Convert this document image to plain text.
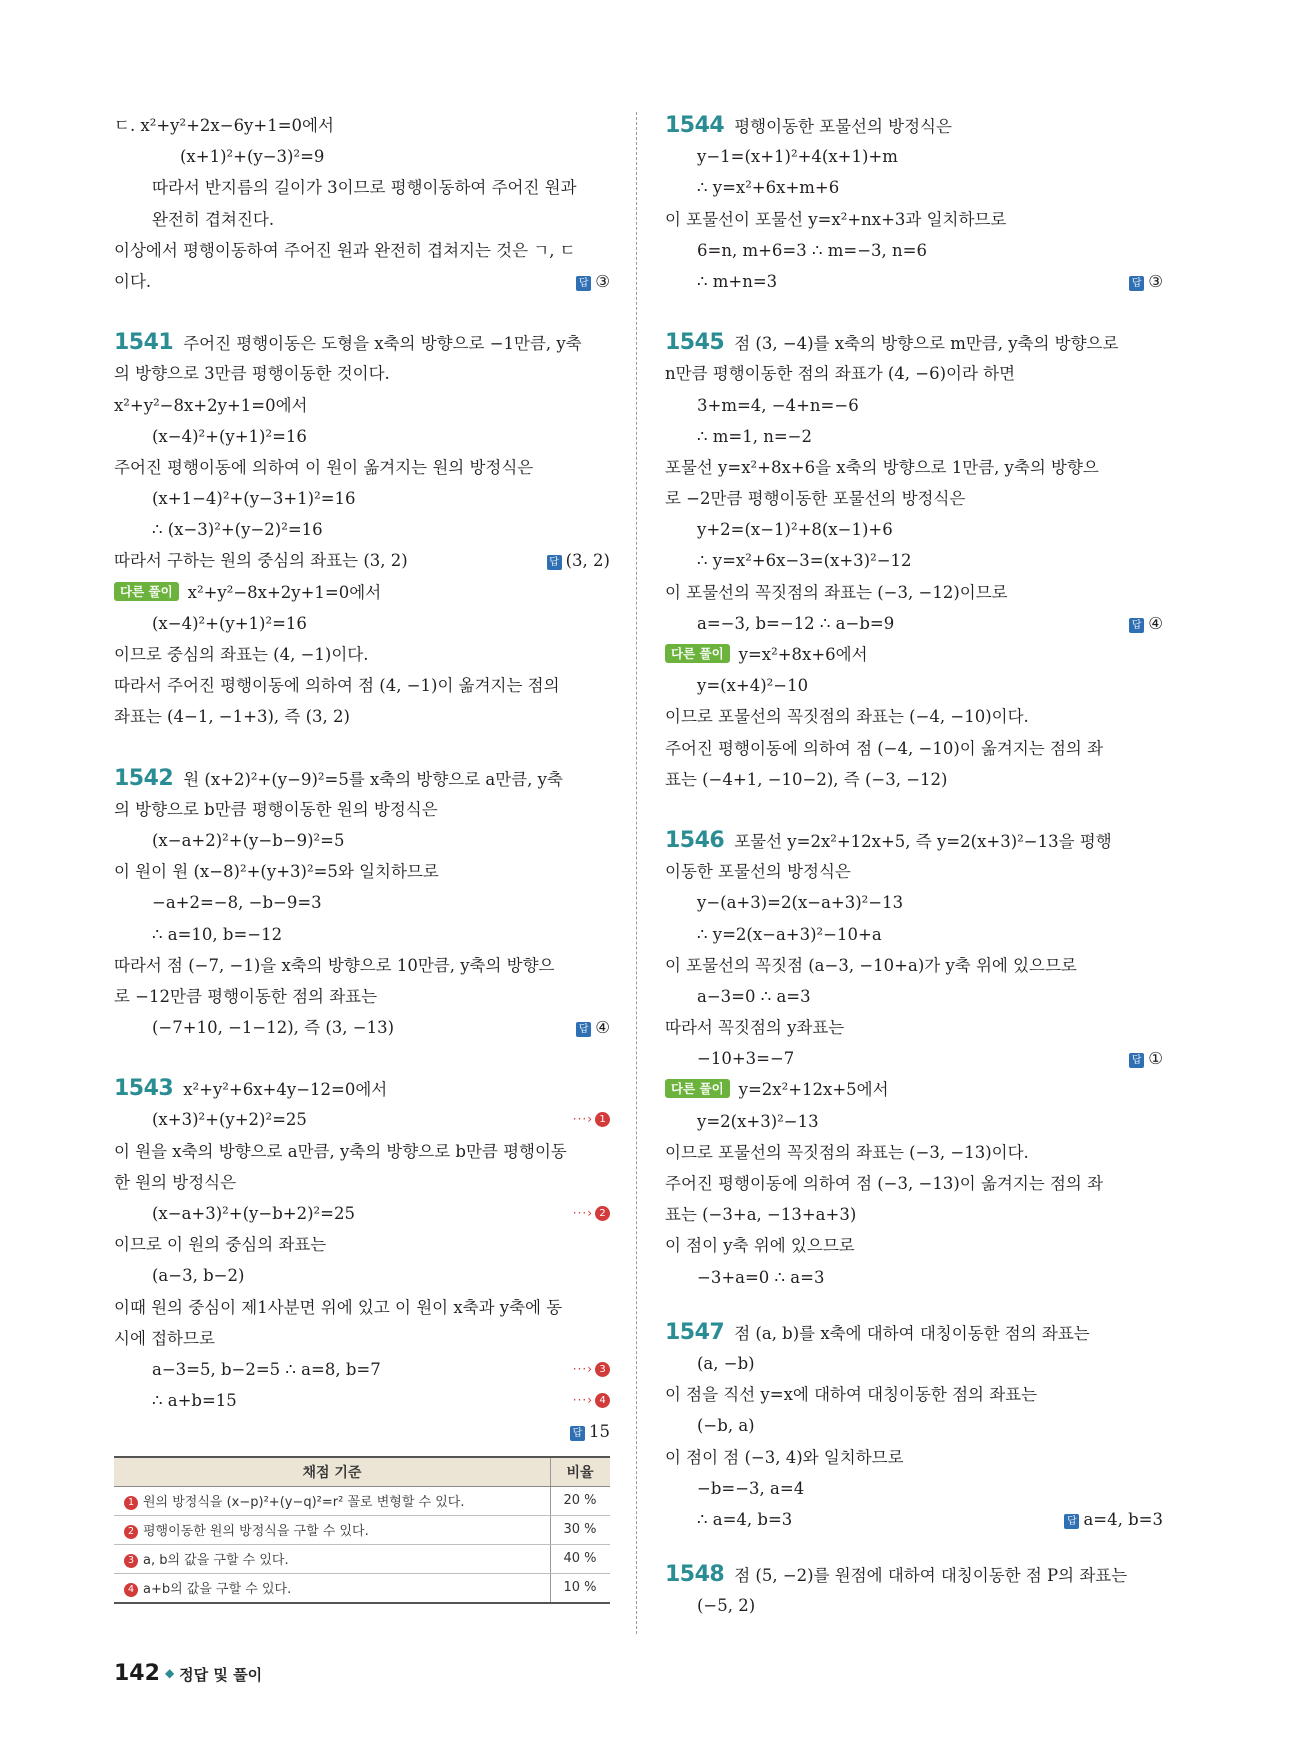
ㄷ. x²+y²+2x−6y+1=0에서
(x+1)²+(y−3)²=9
따라서 반지름의 길이가 3이므로 평행이동하여 주어진 원과
완전히 겹쳐진다.
이상에서 평행이동하여 주어진 원과 완전히 겹쳐지는 것은 ㄱ, ㄷ
이다.	답 ③
1541 주어진 평행이동은 도형을 x축의 방향으로 −1만큼, y축
의 방향으로 3만큼 평행이동한 것이다.
x²+y²−8x+2y+1=0에서
(x−4)²+(y+1)²=16
주어진 평행이동에 의하여 이 원이 옮겨지는 원의 방정식은
(x+1−4)²+(y−3+1)²=16
∴ (x−3)²+(y−2)²=16
따라서 구하는 원의 중심의 좌표는 (3, 2)	답 (3, 2)
다른 풀이 x²+y²−8x+2y+1=0에서
(x−4)²+(y+1)²=16
이므로 중심의 좌표는 (4, −1)이다.
따라서 주어진 평행이동에 의하여 점 (4, −1)이 옮겨지는 점의
좌표는 (4−1, −1+3), 즉 (3, 2)
1542 원 (x+2)²+(y−9)²=5를 x축의 방향으로 a만큼, y축
의 방향으로 b만큼 평행이동한 원의 방정식은
(x−a+2)²+(y−b−9)²=5
이 원이 원 (x−8)²+(y+3)²=5와 일치하므로
−a+2=−8, −b−9=3
∴ a=10, b=−12
따라서 점 (−7, −1)을 x축의 방향으로 10만큼, y축의 방향으
로 −12만큼 평행이동한 점의 좌표는
(−7+10, −1−12), 즉 (3, −13)	답 ④
1543 x²+y²+6x+4y−12=0에서
(x+3)²+(y+2)²=25	···› 1
이 원을 x축의 방향으로 a만큼, y축의 방향으로 b만큼 평행이동
한 원의 방정식은
(x−a+3)²+(y−b+2)²=25	···› 2
이므로 이 원의 중심의 좌표는
(a−3, b−2)
이때 원의 중심이 제1사분면 위에 있고 이 원이 x축과 y축에 동
시에 접하므로
a−3=5, b−2=5 ∴ a=8, b=7	···› 3
∴ a+b=15	···› 4
답 15
채점 기준	비율
1 원의 방정식을 (x−p)²+(y−q)²=r² 꼴로 변형할 수 있다.	20 %
2 평행이동한 원의 방정식을 구할 수 있다.	30 %
3 a, b의 값을 구할 수 있다.	40 %
4 a+b의 값을 구할 수 있다.	10 %
1544 평행이동한 포물선의 방정식은
y−1=(x+1)²+4(x+1)+m
∴ y=x²+6x+m+6
이 포물선이 포물선 y=x²+nx+3과 일치하므로
6=n, m+6=3 ∴ m=−3, n=6
∴ m+n=3	답 ③
1545 점 (3, −4)를 x축의 방향으로 m만큼, y축의 방향으로
n만큼 평행이동한 점의 좌표가 (4, −6)이라 하면
3+m=4, −4+n=−6
∴ m=1, n=−2
포물선 y=x²+8x+6을 x축의 방향으로 1만큼, y축의 방향으
로 −2만큼 평행이동한 포물선의 방정식은
y+2=(x−1)²+8(x−1)+6
∴ y=x²+6x−3=(x+3)²−12
이 포물선의 꼭짓점의 좌표는 (−3, −12)이므로
a=−3, b=−12 ∴ a−b=9	답 ④
다른 풀이 y=x²+8x+6에서
y=(x+4)²−10
이므로 포물선의 꼭짓점의 좌표는 (−4, −10)이다.
주어진 평행이동에 의하여 점 (−4, −10)이 옮겨지는 점의 좌
표는 (−4+1, −10−2), 즉 (−3, −12)
1546 포물선 y=2x²+12x+5, 즉 y=2(x+3)²−13을 평행
이동한 포물선의 방정식은
y−(a+3)=2(x−a+3)²−13
∴ y=2(x−a+3)²−10+a
이 포물선의 꼭짓점 (a−3, −10+a)가 y축 위에 있으므로
a−3=0 ∴ a=3
따라서 꼭짓점의 y좌표는
−10+3=−7	답 ①
다른 풀이 y=2x²+12x+5에서
y=2(x+3)²−13
이므로 포물선의 꼭짓점의 좌표는 (−3, −13)이다.
주어진 평행이동에 의하여 점 (−3, −13)이 옮겨지는 점의 좌
표는 (−3+a, −13+a+3)
이 점이 y축 위에 있으므로
−3+a=0 ∴ a=3
1547 점 (a, b)를 x축에 대하여 대칭이동한 점의 좌표는
(a, −b)
이 점을 직선 y=x에 대하여 대칭이동한 점의 좌표는
(−b, a)
이 점이 점 (−3, 4)와 일치하므로
−b=−3, a=4
∴ a=4, b=3	답 a=4, b=3
1548 점 (5, −2)를 원점에 대하여 대칭이동한 점 P의 좌표는
(−5, 2)
142 ◆ 정답 및 풀이
